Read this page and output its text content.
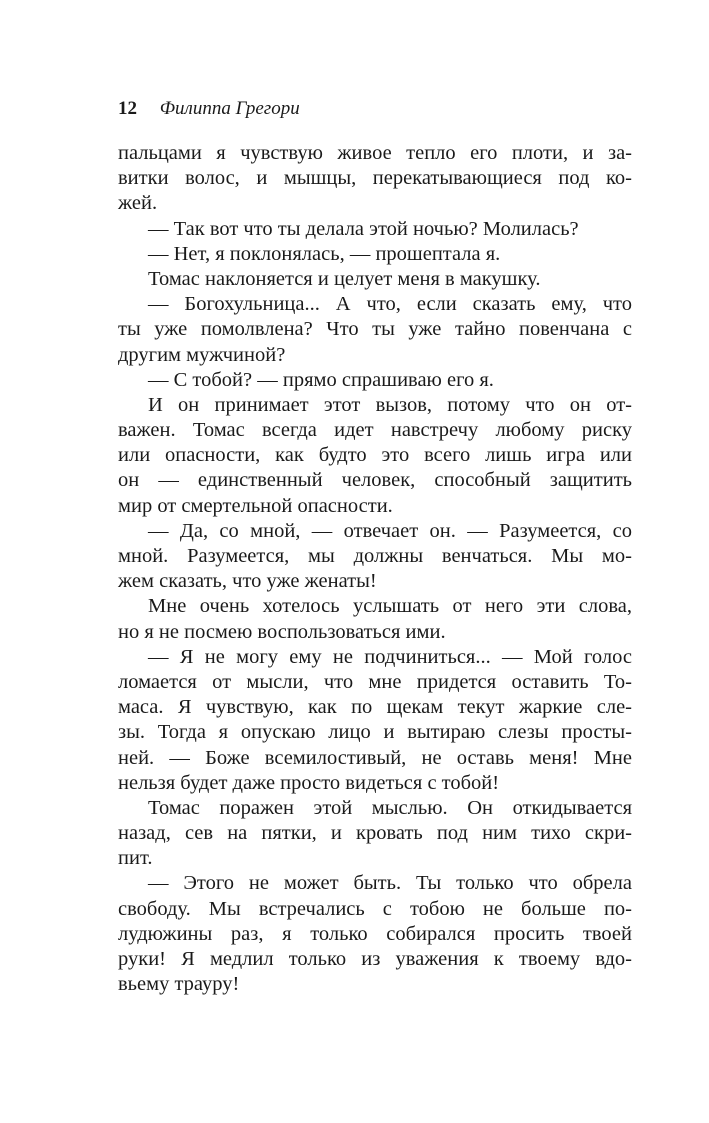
12 Филиппа Грегори
пальцами я чувствую живое тепло его плоти, и за-
витки волос, и мышцы, перекатывающиеся под ко-
жей.
— Так вот что ты делала этой ночью? Молилась?
— Нет, я поклонялась, — прошептала я.
Томас наклоняется и целует меня в макушку.
— Богохульница... А что, если сказать ему, что
ты уже помолвлена? Что ты уже тайно повенчана с
другим мужчиной?
— С тобой? — прямо спрашиваю его я.
И он принимает этот вызов, потому что он от-
важен. Томас всегда идет навстречу любому риску
или опасности, как будто это всего лишь игра или
он — единственный человек, способный защитить
мир от смертельной опасности.
— Да, со мной, — отвечает он. — Разумеется, со
мной. Разумеется, мы должны венчаться. Мы мо-
жем сказать, что уже женаты!
Мне очень хотелось услышать от него эти слова,
но я не посмею воспользоваться ими.
— Я не могу ему не подчиниться... — Мой голос
ломается от мысли, что мне придется оставить То-
маса. Я чувствую, как по щекам текут жаркие сле-
зы. Тогда я опускаю лицо и вытираю слезы просты-
ней. — Боже всемилостивый, не оставь меня! Мне
нельзя будет даже просто видеться с тобой!
Томас поражен этой мыслью. Он откидывается
назад, сев на пятки, и кровать под ним тихо скри-
пит.
— Этого не может быть. Ты только что обрела
свободу. Мы встречались с тобою не больше по-
лудюжины раз, я только собирался просить твоей
руки! Я медлил только из уважения к твоему вдо-
вьему трауру!
